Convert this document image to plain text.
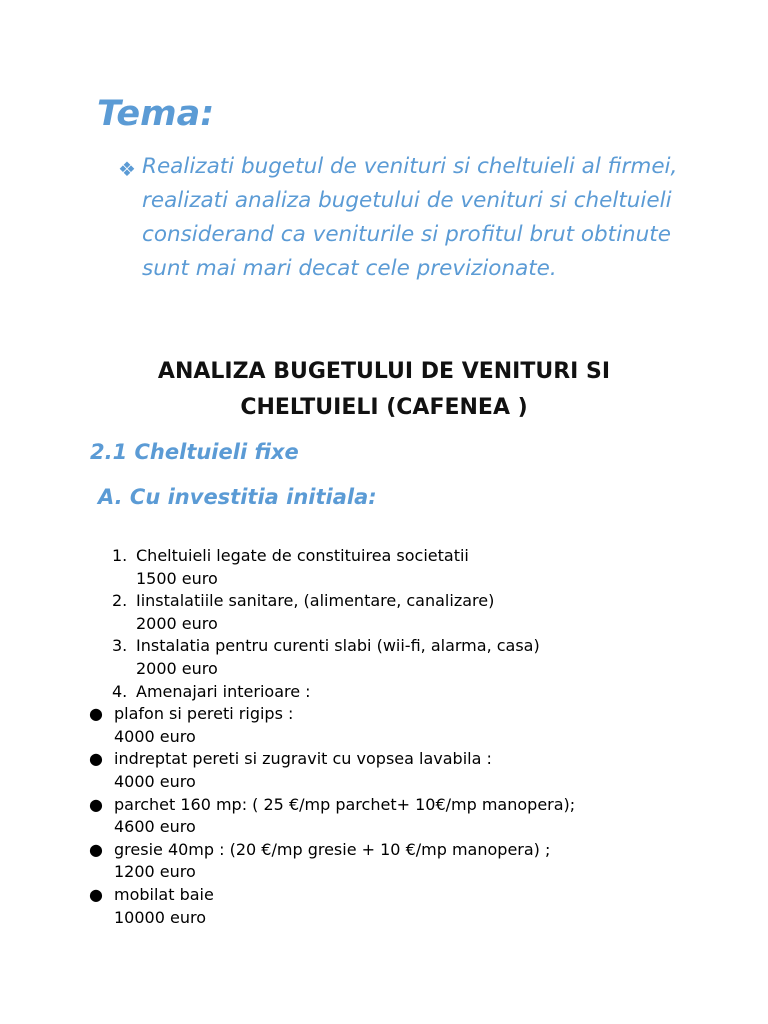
Tema:
❖ Realizati bugetul de venituri si cheltuieli al firmei, realizati analiza bugetului de venituri si cheltuieli considerand ca veniturile si profitul brut obtinute sunt mai mari decat cele previzionate.

ANALIZA BUGETULUI DE VENITURI SI CHELTUIELI (CAFENEA )
2.1 Cheltuieli fixe
A. Cu investitia initiala:
1. Cheltuieli legate de constituirea societatii
1500 euro
2. Iinstalatiile sanitare, (alimentare, canalizare)
2000 euro
3. Instalatia pentru curenti slabi (wii-fi, alarma, casa)
2000 euro
4. Amenajari interioare :
● plafon si pereti rigips :
4000 euro
● indreptat pereti si zugravit cu vopsea lavabila :
4000 euro
● parchet 160 mp: ( 25 €/mp parchet+ 10€/mp manopera);
4600 euro
● gresie 40mp : (20 €/mp gresie + 10 €/mp manopera) ;
1200 euro
● mobilat baie
10000 euro
